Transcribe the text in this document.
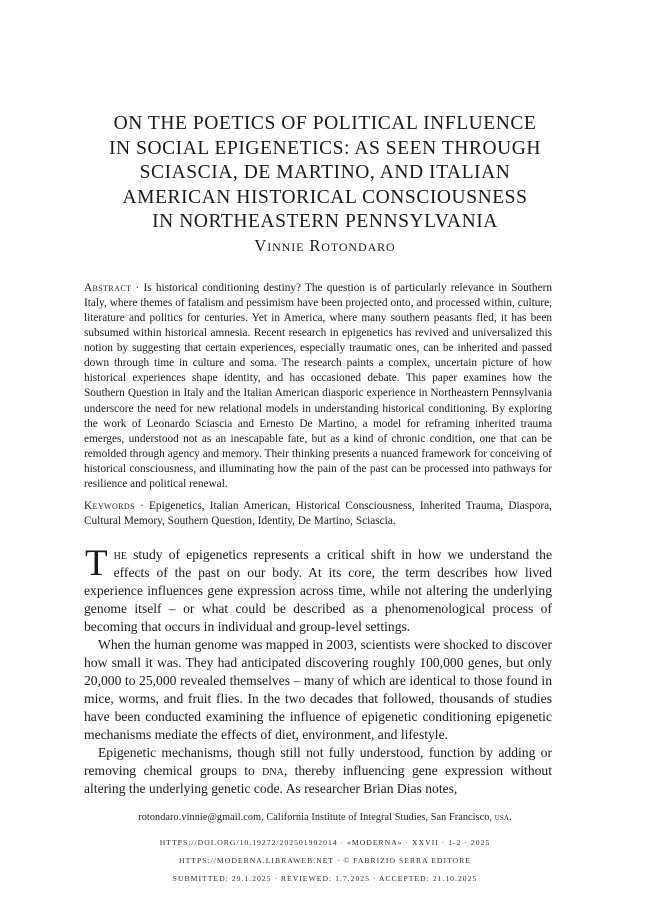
ON THE POETICS OF POLITICAL INFLUENCE
IN SOCIAL EPIGENETICS: AS SEEN THROUGH
SCIASCIA, DE MARTINO, AND ITALIAN
AMERICAN HISTORICAL CONSCIOUSNESS
IN NORTHEASTERN PENNSYLVANIA
Vinnie Rotondaro

Abstract · Is historical conditioning destiny? The question is of particularly relevance in Southern Italy, where themes of fatalism and pessimism have been projected onto, and processed within, culture, literature and politics for centuries. Yet in America, where many southern peasants fled, it has been subsumed within historical amnesia. Recent research in epigenetics has revived and universalized this notion by suggesting that certain experiences, especially traumatic ones, can be inherited and passed down through time in culture and soma. The research paints a complex, uncertain picture of how historical experiences shape identity, and has occasioned debate. This paper examines how the Southern Question in Italy and the Italian American diasporic experience in Northeastern Pennsylvania underscore the need for new relational models in understanding historical conditioning. By exploring the work of Leonardo Sciascia and Ernesto De Martino, a model for reframing inherited trauma emerges, understood not as an inescapable fate, but as a kind of chronic condition, one that can be remolded through agency and memory. Their thinking presents a nuanced framework for conceiving of historical consciousness, and illuminating how the pain of the past can be processed into pathways for resilience and political renewal.

Keywords · Epigenetics, Italian American, Historical Consciousness, Inherited Trauma, Diaspora, Cultural Memory, Southern Question, Identity, De Martino, Sciascia.

The study of epigenetics represents a critical shift in how we understand the effects of the past on our body. At its core, the term describes how lived experience influences gene expression across time, while not altering the underlying genome itself – or what could be described as a phenomenological process of becoming that occurs in individual and group-level settings.

When the human genome was mapped in 2003, scientists were shocked to discover how small it was. They had anticipated discovering roughly 100,000 genes, but only 20,000 to 25,000 revealed themselves – many of which are identical to those found in mice, worms, and fruit flies. In the two decades that followed, thousands of studies have been conducted examining the influence of epigenetic conditioning epigenetic mechanisms mediate the effects of diet, environment, and lifestyle.

Epigenetic mechanisms, though still not fully understood, function by adding or removing chemical groups to dna, thereby influencing gene expression without altering the underlying genetic code. As researcher Brian Dias notes,

rotondaro.vinnie@gmail.com, California Institute of Integral Studies, San Francisco, usa.
HTTPS://DOI.ORG/10.19272/202501902014 · «MODERNA» · XXVII · 1-2 · 2025
HTTPS://MODERNA.LIBRAWEB.NET · © FABRIZIO SERRA EDITORE
SUBMITTED: 29.1.2025 · REVIEWED: 1.7.2025 · ACCEPTED: 21.10.2025
